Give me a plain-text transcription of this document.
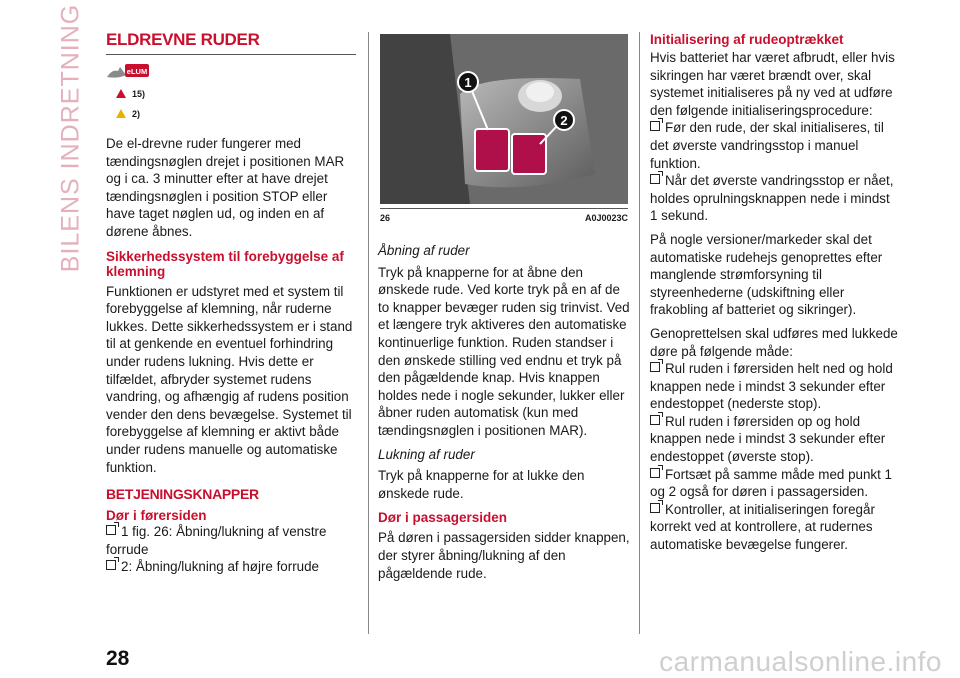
BILENS INDRETNING ELDREVNE RUDER
eLUM
15)
2)

De el-drevne ruder fungerer med tændingsnøglen drejet i positionen MAR og i ca. 3 minutter efter at have drejet tændingsnøglen i position STOP eller have taget nøglen ud, og inden en af dørene åbnes.

Sikkerhedssystem til forebyggelse af klemning

Funktionen er udstyret med et system til forebyggelse af klemning, når ruderne lukkes. Dette sikkerhedssystem er i stand til at genkende en eventuel forhindring under rudens lukning. Hvis dette er tilfældet, afbryder systemet rudens vandring, og afhængig af rudens position vender den dens bevægelse. Systemet til forebyggelse af klemning er aktivt både under rudens manuelle og automatiske funktion.

BETJENINGSKNAPPER
Dør i førersiden
1 fig. 26: Åbning/lukning af venstre forrude
2: Åbning/lukning af højre forrude
1
2
26	A0J0023C

Åbning af ruder

Tryk på knapperne for at åbne den ønskede rude. Ved korte tryk på en af de to knapper bevæger ruden sig trinvist. Ved et længere tryk aktiveres den automatiske kontinuerlige funktion. Ruden standser i den ønskede stilling ved endnu et tryk på den pågældende knap. Hvis knappen holdes nede i nogle sekunder, lukker eller åbner ruden automatisk (kun med tændingsnøglen i positionen MAR).

Lukning af ruder

Tryk på knapperne for at lukke den ønskede rude.

Dør i passagersiden

På døren i passagersiden sidder knappen, der styrer åbning/lukning af den pågældende rude.

Initialisering af rudeoptrækket

Hvis batteriet har været afbrudt, eller hvis sikringen har været brændt over, skal systemet initialiseres på ny ved at udføre den følgende initialiseringsprocedure:

Før den rude, der skal initialiseres, til det øverste vandringsstop i manuel funktion.
Når det øverste vandringsstop er nået, holdes oprulningsknappen nede i mindst 1 sekund.

På nogle versioner/markeder skal det automatiske rudehejs genoprettes efter manglende strømforsyning til styreenhederne (udskiftning eller frakobling af batteriet og sikringer).

Genoprettelsen skal udføres med lukkede døre på følgende måde:

Rul ruden i førersiden helt ned og hold knappen nede i mindst 3 sekunder efter endestoppet (nederste stop).
Rul ruden i førersiden op og hold knappen nede i mindst 3 sekunder efter endestoppet (øverste stop).
Fortsæt på samme måde med punkt 1 og 2 også for døren i passagersiden.
Kontroller, at initialiseringen foregår korrekt ved at kontrollere, at rudernes automatiske bevægelse fungerer.
28	carmanualsonline.info
